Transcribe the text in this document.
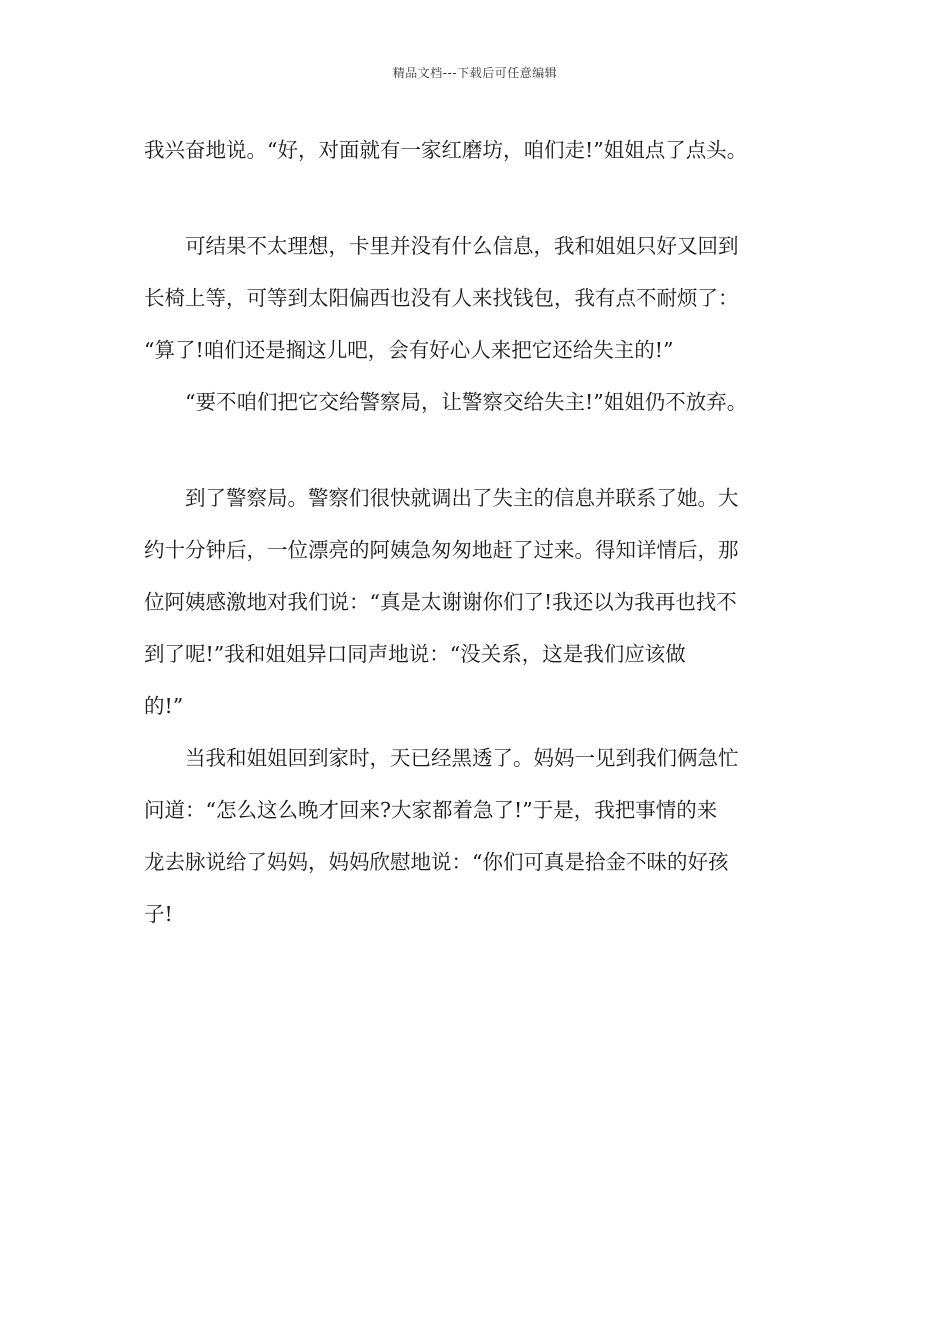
精品文档---下载后可任意编辑
我兴奋地说。“好，对面就有一家红磨坊，咱们走!”姐姐点了点头。
　　可结果不太理想，卡里并没有什么信息，我和姐姐只好又回到
长椅上等，可等到太阳偏西也没有人来找钱包，我有点不耐烦了：
“算了!咱们还是搁这儿吧，会有好心人来把它还给失主的!”
　　“要不咱们把它交给警察局，让警察交给失主!”姐姐仍不放弃。
　　到了警察局。警察们很快就调出了失主的信息并联系了她。大
约十分钟后，一位漂亮的阿姨急匆匆地赶了过来。得知详情后，那
位阿姨感激地对我们说：“真是太谢谢你们了!我还以为我再也找不
到了呢!”我和姐姐异口同声地说：“没关系，这是我们应该做
的!”
　　当我和姐姐回到家时，天已经黑透了。妈妈一见到我们俩急忙
问道：“怎么这么晚才回来?大家都着急了!”于是，我把事情的来
龙去脉说给了妈妈，妈妈欣慰地说：“你们可真是拾金不昧的好孩
子!
